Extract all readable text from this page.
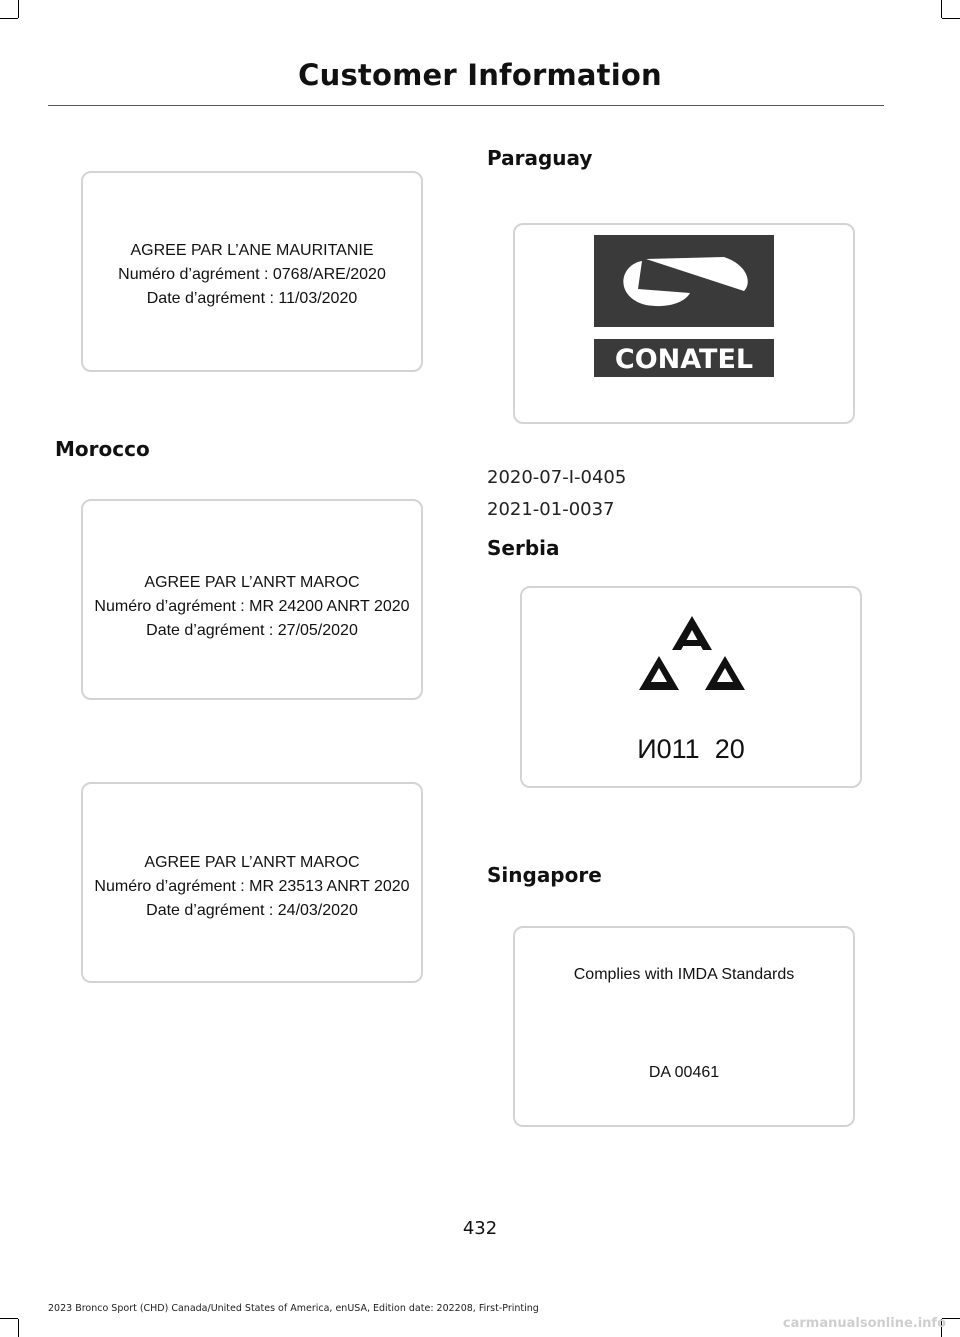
Customer Information
AGREE PAR L’ANE MAURITANIE
Numéro d’agrément : 0768/ARE/2020
Date d’agrément : 11/03/2020
Morocco
AGREE PAR L’ANRT MAROC
Numéro d’agrément : MR 24200 ANRT 2020
Date d’agrément : 27/05/2020
AGREE PAR L’ANRT MAROC
Numéro d’agrément : MR 23513 ANRT 2020
Date d’agrément : 24/03/2020
Paraguay
CONATEL
2020-07-I-0405
2021-01-0037
Serbia
И011  20
Singapore
Complies with IMDA Standards
DA 00461
432
2023 Bronco Sport (CHD) Canada/United States of America, enUSA, Edition date: 202208, First-Printing
carmanualsonline.info
